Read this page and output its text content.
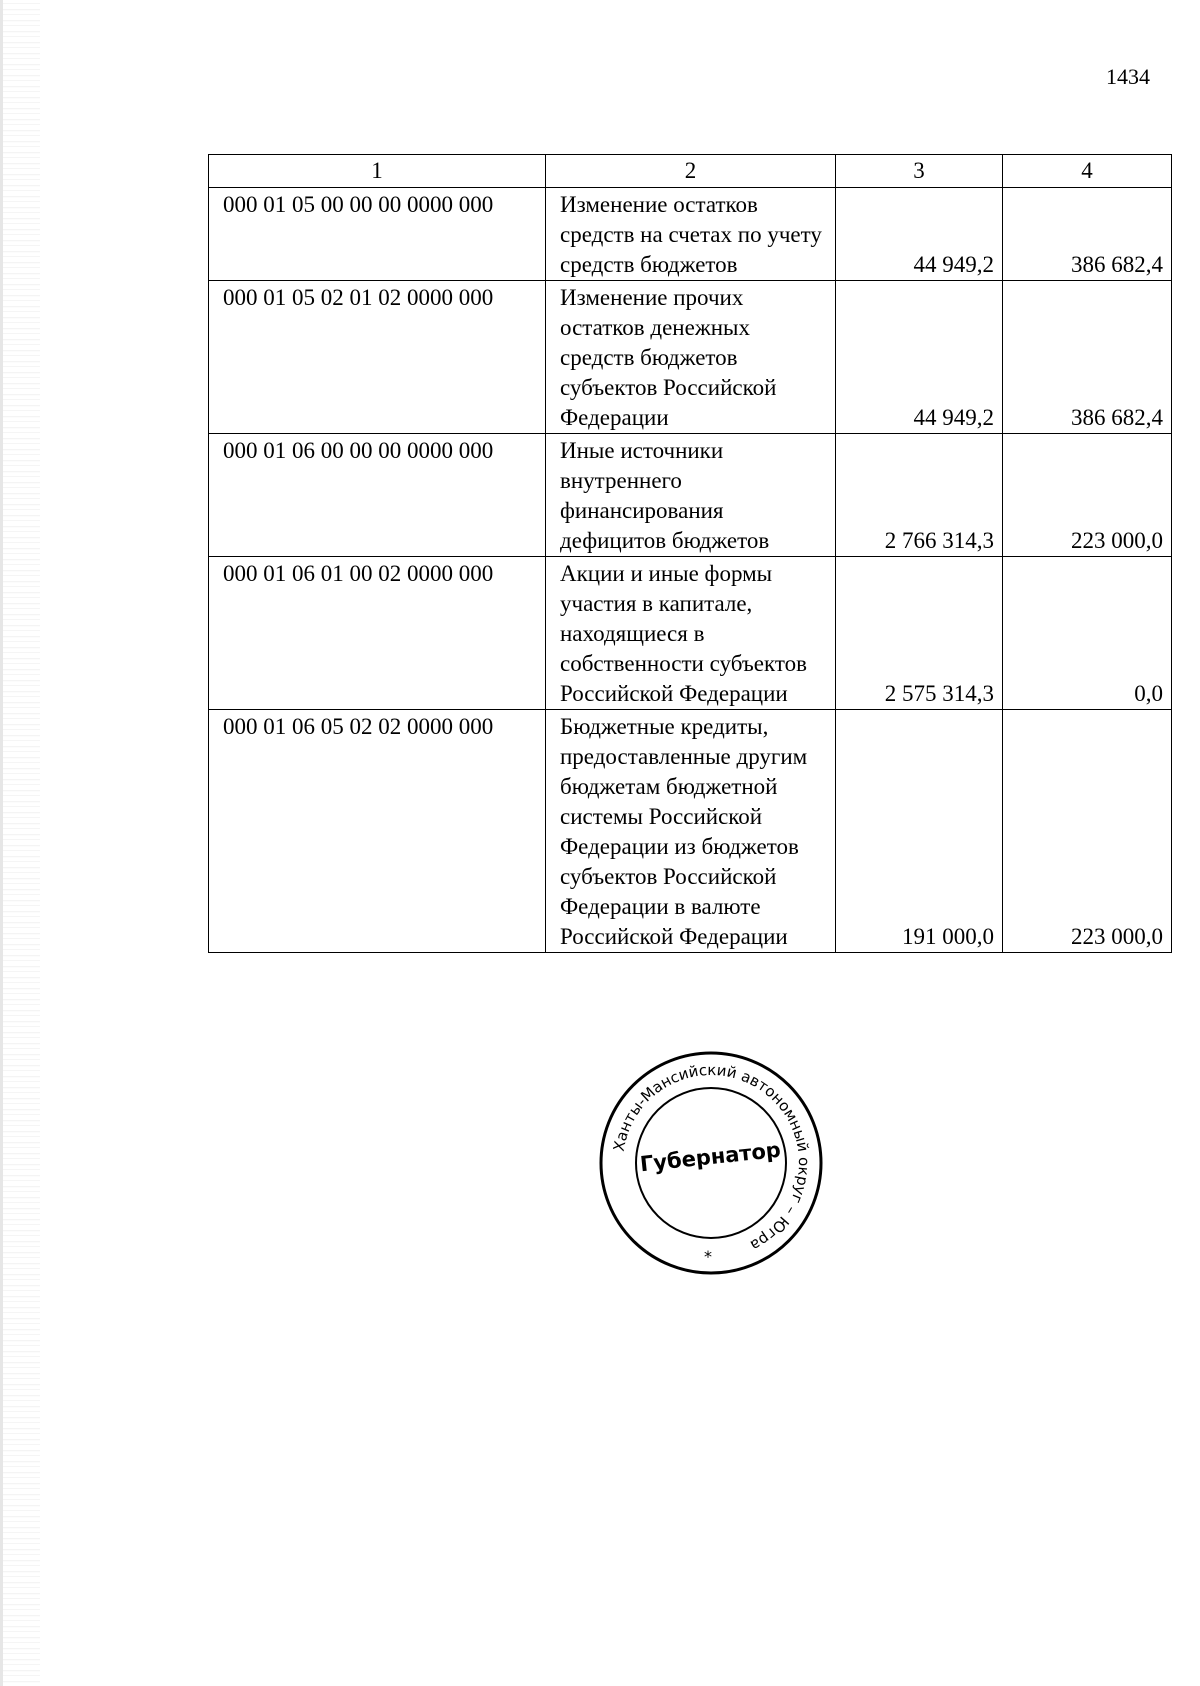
1434
1	2	3	4
000 01 05 00 00 00 0000 000	Изменение остатков средств на счетах по учету средств бюджетов	44 949,2	386 682,4
000 01 05 02 01 02 0000 000	Изменение прочих остатков денежных средств бюджетов субъектов Российской Федерации	44 949,2	386 682,4
000 01 06 00 00 00 0000 000	Иные источники внутреннего финансирования дефицитов бюджетов	2 766 314,3	223 000,0
000 01 06 01 00 02 0000 000	Акции и иные формы участия в капитале, находящиеся в собственности субъектов Российской Федерации	2 575 314,3	0,0
000 01 06 05 02 02 0000 000	Бюджетные кредиты, предоставленные другим бюджетам бюджетной системы Российской Федерации из бюджетов субъектов Российской Федерации в валюте Российской Федерации	191 000,0	223 000,0
Ханты-Мансийский автономный округ – Югра
Губернатор
*
